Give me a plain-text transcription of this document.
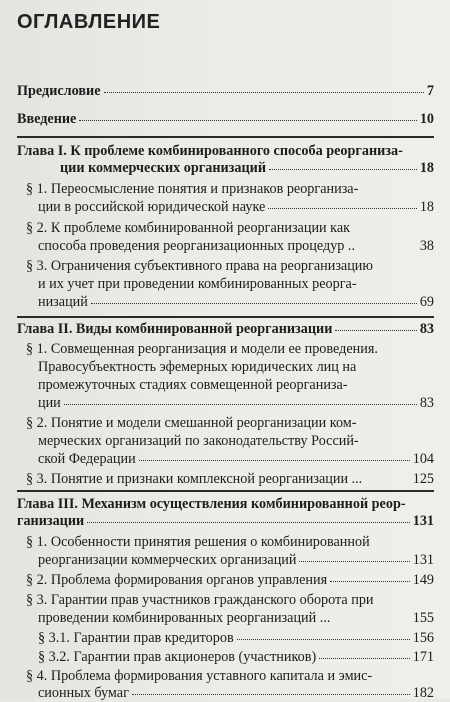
ОГЛАВЛЕНИЕ
Предисловие	7
Введение	10
Глава I. К проблеме комбинированного способа реорганиза-
ции коммерческих организаций	18
§ 1. Переосмысление понятия и признаков реорганиза-
ции в российской юридической науке	18
§ 2. К проблеме комбинированной реорганизации как
способа проведения реорганизационных процедур ..	38
§ 3. Ограничения субъективного права на реорганизацию
и их учет при проведении комбинированных реорга-
низаций	69
Глава II. Виды комбинированной реорганизации	83
§ 1. Совмещенная реорганизация и модели ее проведения.
Правосубъектность эфемерных юридических лиц на
промежуточных стадиях совмещенной реорганиза-
ции	83
§ 2. Понятие и модели смешанной реорганизации ком-
мерческих организаций по законодательству Россий-
ской Федерации	104
§ 3. Понятие и признаки комплексной реорганизации ...	125
Глава III. Механизм осуществления комбинированной реор-
ганизации	131
§ 1. Особенности принятия решения о комбинированной
реорганизации коммерческих организаций	131
§ 2. Проблема формирования органов управления	149
§ 3. Гарантии прав участников гражданского оборота при
проведении комбинированных реорганизаций ...	155
§ 3.1. Гарантии прав кредиторов	156
§ 3.2. Гарантии прав акционеров (участников)	171
§ 4. Проблема формирования уставного капитала и эмис-
сионных бумаг	182
